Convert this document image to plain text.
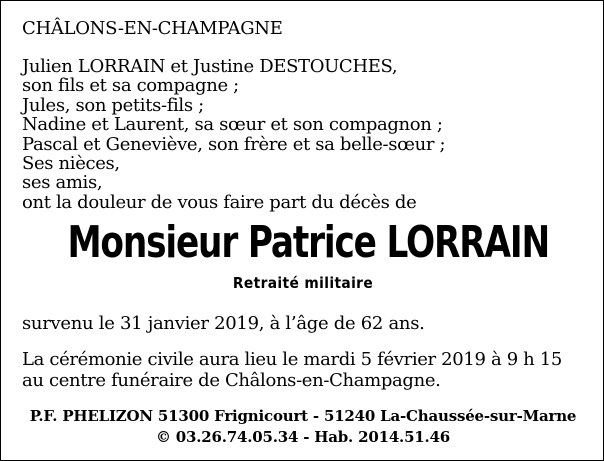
CHÂLONS-EN-CHAMPAGNE
Julien LORRAIN et Justine DESTOUCHES,
son fils et sa compagne ;
Jules, son petits-fils ;
Nadine et Laurent, sa sœur et son compagnon ;
Pascal et Geneviève, son frère et sa belle-sœur ;
Ses nièces,
ses amis,
ont la douleur de vous faire part du décès de
Monsieur Patrice LORRAIN
Retraité militaire
survenu le 31 janvier 2019, à l’âge de 62 ans.
La cérémonie civile aura lieu le mardi 5 février 2019 à 9 h 15
au centre funéraire de Châlons-en-Champagne.
P.F. PHELIZON 51300 Frignicourt - 51240 La-Chaussée-sur-Marne
© 03.26.74.05.34 - Hab. 2014.51.46
